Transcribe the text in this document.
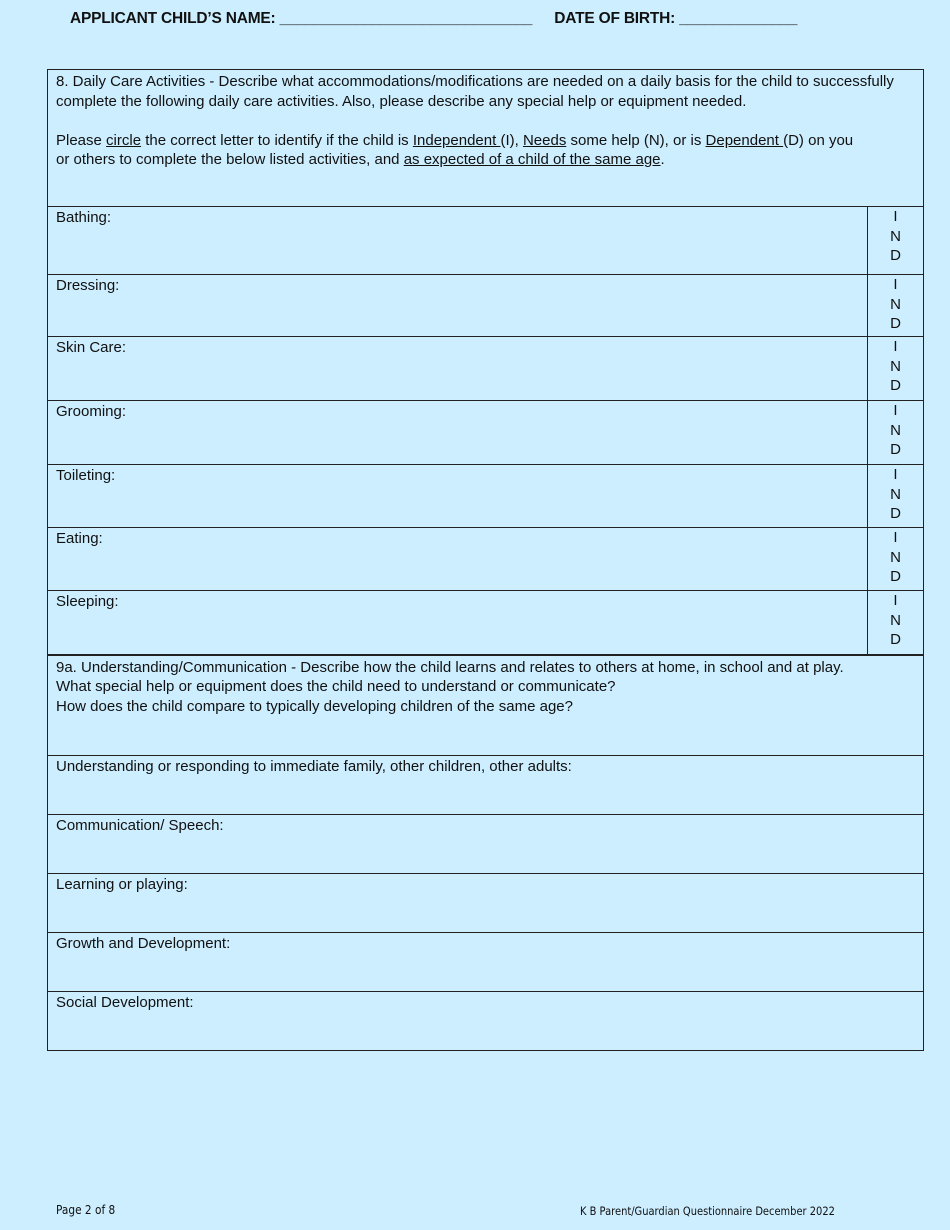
APPLICANT CHILD’S NAME: ______________________________ DATE OF BIRTH: ______________

8. Daily Care Activities - Describe what accommodations/modifications are needed on a daily basis for the child to successfully complete the following daily care activities. Also, please describe any special help or equipment needed.

Please circle the correct letter to identify if the child is Independent (I), Needs some help (N), or is Dependent (D) on you

or others to complete the below listed activities, and as expected of a child of the same age.	

Bathing:	I
N
D

Dressing:	I
N
D

Skin Care:	I
N
D

Grooming:	I
N
D

Toileting:	I
N
D

Eating:	I
N
D

Sleeping:	I
N
D

9a. Understanding/Communication - Describe how the child learns and relates to others at home, in school and at play.

What special help or equipment does the child need to understand or communicate?

How does the child compare to typically developing children of the same age?	

Understanding or responding to immediate family, other children, other adults:	
Communication/ Speech:	
Learning or playing:	
Growth and Development:	
Social Development:	
Page 2 of 8	K B Parent/Guardian Questionnaire December 2022
